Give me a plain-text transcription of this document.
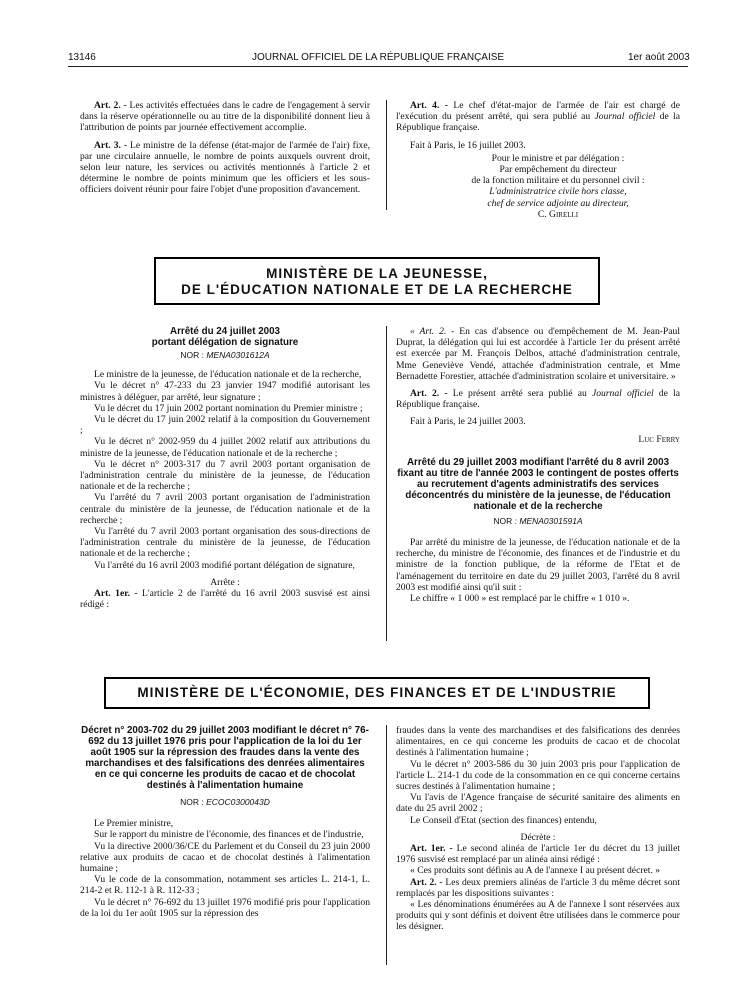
13146	JOURNAL OFFICIEL DE LA RÉPUBLIQUE FRANÇAISE	1er août 2003

Art. 2. - Les activités effectuées dans le cadre de l'engagement à servir dans la réserve opérationnelle ou au titre de la disponibilité donnent lieu à l'attribution de points par journée effectivement accomplie.

Art. 3. - Le ministre de la défense (état-major de l'armée de l'air) fixe, par une circulaire annuelle, le nombre de points auxquels ouvrent droit, selon leur nature, les services ou activités mentionnés à l'article 2 et détermine le nombre de points minimum que les officiers et les sous-officiers doivent réunir pour faire l'objet d'une proposition d'avancement.

Art. 4. - Le chef d'état-major de l'armée de l'air est chargé de l'exécution du présent arrêté, qui sera publié au Journal officiel de la République française.

Fait à Paris, le 16 juillet 2003.

Pour le ministre et par délégation :
Par empêchement du directeur
de la fonction militaire et du personnel civil :
L'administratrice civile hors classe,
chef de service adjointe au directeur,
C. Girelli
MINISTÈRE DE LA JEUNESSE,
DE L'ÉDUCATION NATIONALE ET DE LA RECHERCHE
Arrêté du 24 juillet 2003
portant délégation de signature
NOR : MENA0301612A

Le ministre de la jeunesse, de l'éducation nationale et de la recherche,

Vu le décret n° 47-233 du 23 janvier 1947 modifié autorisant les ministres à déléguer, par arrêté, leur signature ;

Vu le décret du 17 juin 2002 portant nomination du Premier ministre ;

Vu le décret du 17 juin 2002 relatif à la composition du Gouvernement ;

Vu le décret n° 2002-959 du 4 juillet 2002 relatif aux attributions du ministre de la jeunesse, de l'éducation nationale et de la recherche ;

Vu le décret n° 2003-317 du 7 avril 2003 portant organisation de l'administration centrale du ministère de la jeunesse, de l'éducation nationale et de la recherche ;

Vu l'arrêté du 7 avril 2003 portant organisation de l'administration centrale du ministère de la jeunesse, de l'éducation nationale et de la recherche ;

Vu l'arrêté du 7 avril 2003 portant organisation des sous-directions de l'administration centrale du ministère de la jeunesse, de l'éducation nationale et de la recherche ;

Vu l'arrêté du 16 avril 2003 modifié portant délégation de signature,

Arrête :

Art. 1er. - L'article 2 de l'arrêté du 16 avril 2003 susvisé est ainsi rédigé :

« Art. 2. - En cas d'absence ou d'empêchement de M. Jean-Paul Duprat, la délégation qui lui est accordée à l'article 1er du présent arrêté est exercée par M. François Delbos, attaché d'administration centrale, Mme Geneviève Vendé, attachée d'administration centrale, et Mme Bernadette Forestier, attachée d'administration scolaire et universitaire. »

Art. 2. - Le présent arrêté sera publié au Journal officiel de la République française.

Fait à Paris, le 24 juillet 2003.

Luc Ferry

Arrêté du 29 juillet 2003 modifiant l'arrêté du 8 avril 2003 fixant au titre de l'année 2003 le contingent de postes offerts au recrutement d'agents administratifs des services déconcentrés du ministère de la jeunesse, de l'éducation nationale et de la recherche
NOR : MENA0301591A

Par arrêté du ministre de la jeunesse, de l'éducation nationale et de la recherche, du ministre de l'économie, des finances et de l'industrie et du ministre de la fonction publique, de la réforme de l'Etat et de l'aménagement du territoire en date du 29 juillet 2003, l'arrêté du 8 avril 2003 est modifié ainsi qu'il suit :

Le chiffre « 1 000 » est remplacé par le chiffre « 1 010 ».

MINISTÈRE DE L'ÉCONOMIE, DES FINANCES ET DE L'INDUSTRIE
Décret n° 2003-702 du 29 juillet 2003 modifiant le décret n° 76-692 du 13 juillet 1976 pris pour l'application de la loi du 1er août 1905 sur la répression des fraudes dans la vente des marchandises et des falsifications des denrées alimentaires en ce qui concerne les produits de cacao et de chocolat destinés à l'alimentation humaine
NOR : ECOC0300043D

Le Premier ministre,

Sur le rapport du ministre de l'économie, des finances et de l'industrie,

Vu la directive 2000/36/CE du Parlement et du Conseil du 23 juin 2000 relative aux produits de cacao et de chocolat destinés à l'alimentation humaine ;

Vu le code de la consommation, notamment ses articles L. 214-1, L. 214-2 et R. 112-1 à R. 112-33 ;

Vu le décret n° 76-692 du 13 juillet 1976 modifié pris pour l'application de la loi du 1er août 1905 sur la répression des

fraudes dans la vente des marchandises et des falsifications des denrées alimentaires, en ce qui concerne les produits de cacao et de chocolat destinés à l'alimentation humaine ;

Vu le décret n° 2003-586 du 30 juin 2003 pris pour l'application de l'article L. 214-1 du code de la consommation en ce qui concerne certains sucres destinés à l'alimentation humaine ;

Vu l'avis de l'Agence française de sécurité sanitaire des aliments en date du 25 avril 2002 ;

Le Conseil d'Etat (section des finances) entendu,

Décrète :

Art. 1er. - Le second alinéa de l'article 1er du décret du 13 juillet 1976 susvisé est remplacé par un alinéa ainsi rédigé :

« Ces produits sont définis au A de l'annexe I au présent décret. »

Art. 2. - Les deux premiers alinéas de l'article 3 du même décret sont remplacés par les dispositions suivantes :

« Les dénominations énumérées au A de l'annexe I sont réservées aux produits qui y sont définis et doivent être utilisées dans le commerce pour les désigner.
